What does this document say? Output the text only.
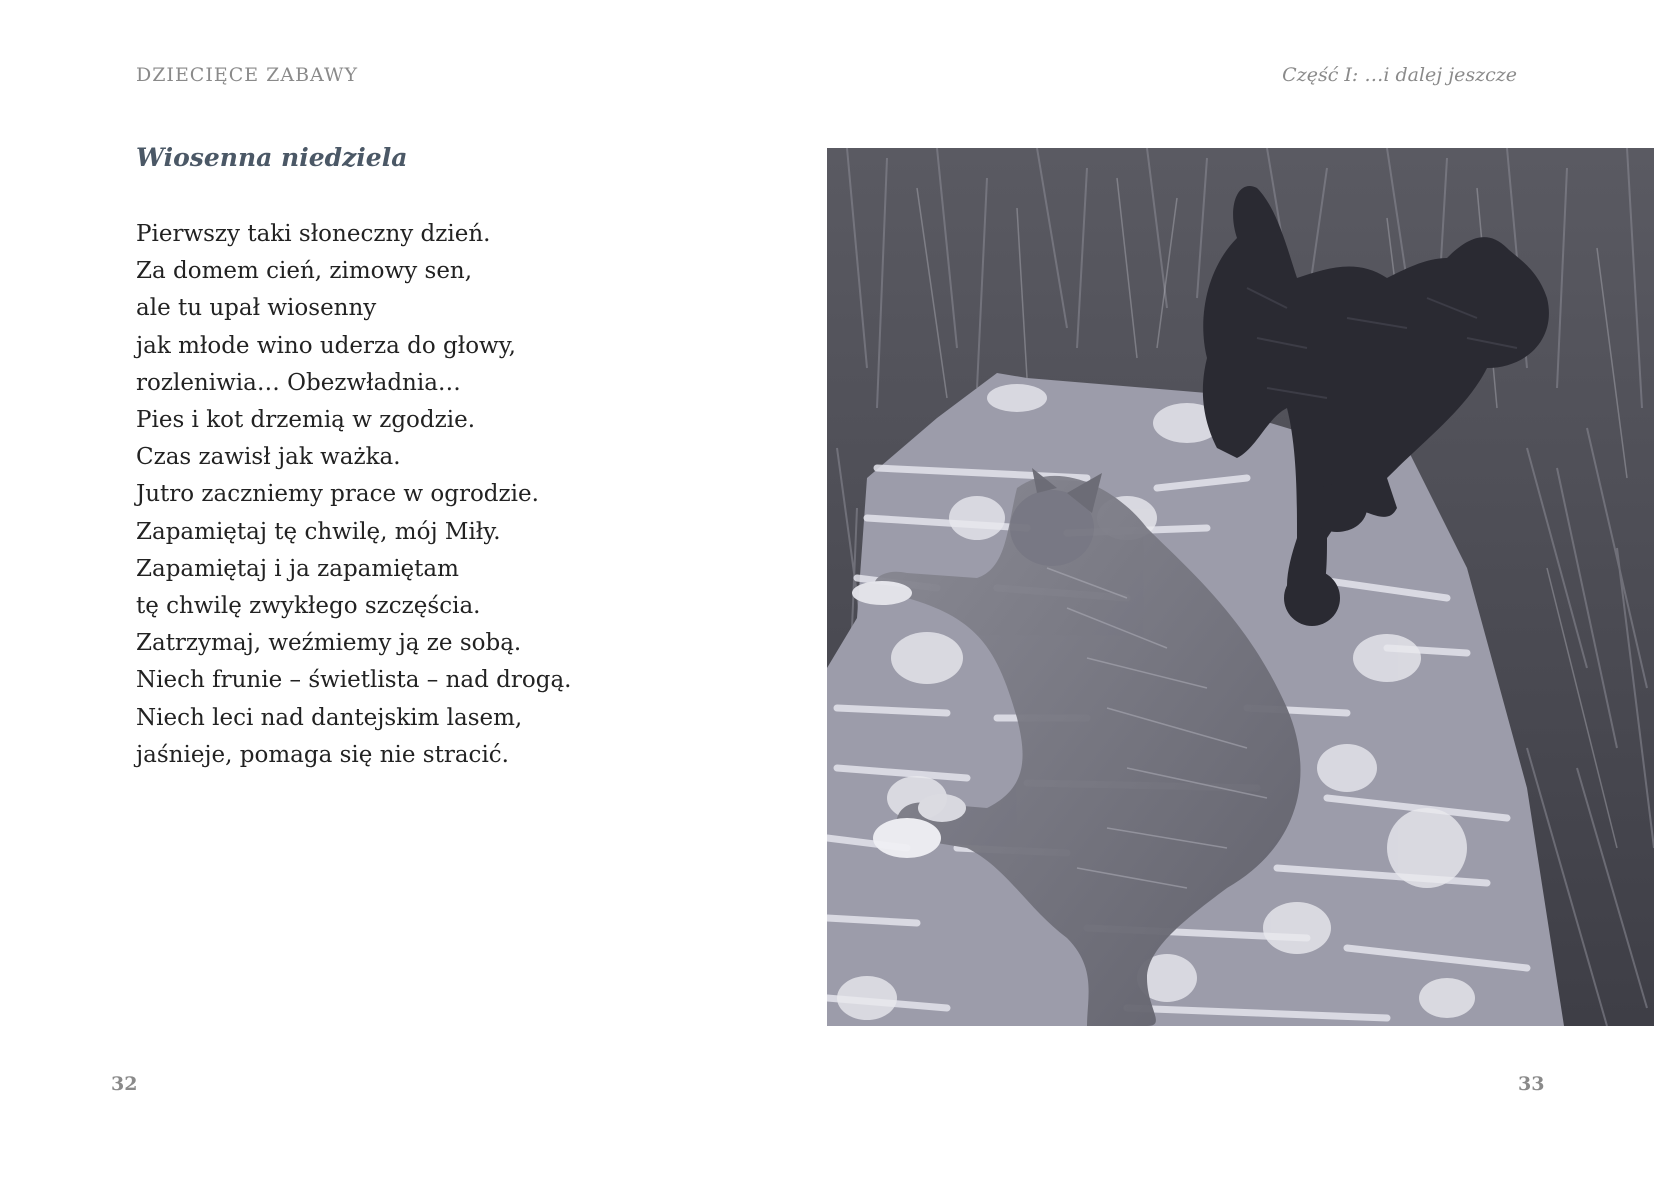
DZIECIĘCE ZABAWY
Wiosenna niedziela
Pierwszy taki słoneczny dzień.
Za domem cień, zimowy sen,
ale tu upał wiosenny
jak młode wino uderza do głowy,
rozleniwia… Obezwładnia…
Pies i kot drzemią w zgodzie.
Czas zawisł jak ważka.
Jutro zaczniemy prace w ogrodzie.
Zapamiętaj tę chwilę, mój Miły.
Zapamiętaj i ja zapamiętam
tę chwilę zwykłego szczęścia.
Zatrzymaj, weźmiemy ją ze sobą.
Niech frunie – świetlista – nad drogą.
Niech leci nad dantejskim lasem,
jaśnieje, pomaga się nie stracić.
32
Część I: …i dalej jeszcze
33
